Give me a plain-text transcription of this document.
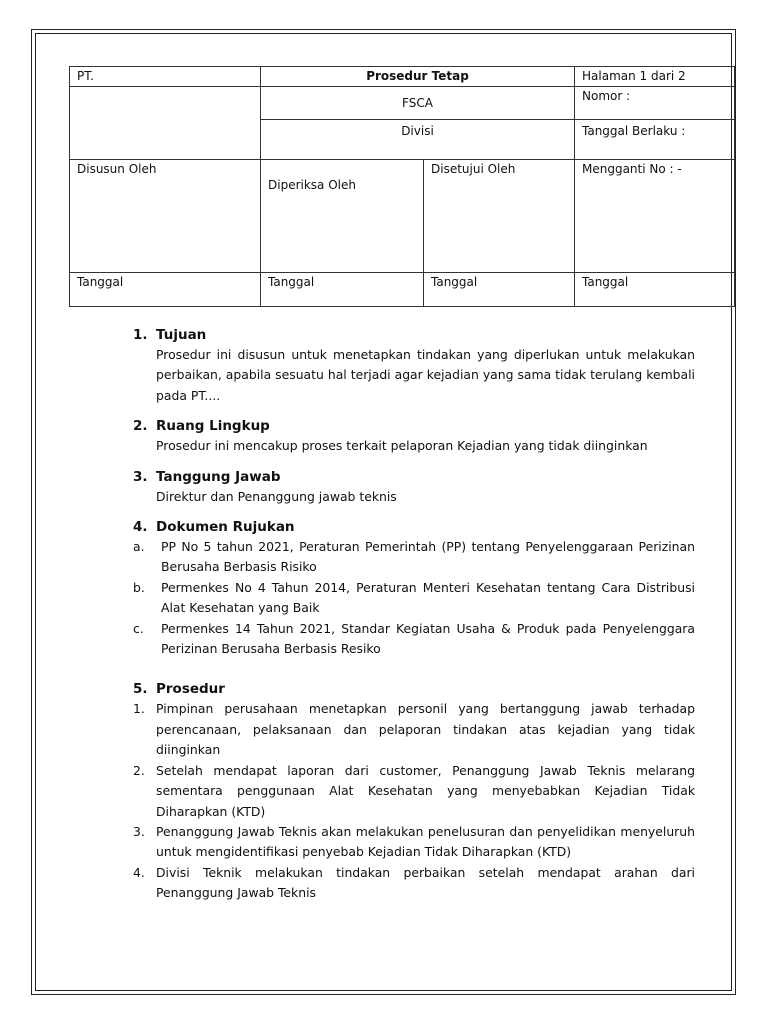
PT.	Prosedur Tetap		Halaman 1 dari 2
	FSCA		Nomor :
	Divisi		Tanggal Berlaku :
Disusun Oleh	Diperiksa Oleh	Disetujui Oleh	Mengganti No : -
Tanggal	Tanggal	Tanggal	Tanggal
1. Tujuan
Prosedur ini disusun untuk menetapkan tindakan yang diperlukan untuk melakukan perbaikan, apabila sesuatu hal terjadi agar kejadian yang sama tidak terulang kembali pada PT....
2. Ruang Lingkup
Prosedur ini mencakup proses terkait pelaporan Kejadian yang tidak diinginkan
3. Tanggung Jawab
Direktur dan Penanggung jawab teknis
4. Dokumen Rujukan
a.	PP No 5 tahun 2021, Peraturan Pemerintah (PP) tentang Penyelenggaraan Perizinan Berusaha Berbasis Risiko
b.	Permenkes No 4 Tahun 2014, Peraturan Menteri Kesehatan tentang Cara Distribusi Alat Kesehatan yang Baik
c.	Permenkes 14 Tahun 2021, Standar Kegiatan Usaha & Produk pada Penyelenggara Perizinan Berusaha Berbasis Resiko
5. Prosedur
1. Pimpinan perusahaan menetapkan personil yang bertanggung jawab terhadap perencanaan, pelaksanaan dan pelaporan tindakan atas kejadian yang tidak diinginkan
2. Setelah mendapat laporan dari customer, Penanggung Jawab Teknis melarang sementara penggunaan Alat Kesehatan yang menyebabkan Kejadian Tidak Diharapkan (KTD)
3. Penanggung Jawab Teknis akan melakukan penelusuran dan penyelidikan menyeluruh untuk mengidentifikasi penyebab Kejadian Tidak Diharapkan (KTD)
4. Divisi Teknik melakukan tindakan perbaikan setelah mendapat arahan dari Penanggung Jawab Teknis
